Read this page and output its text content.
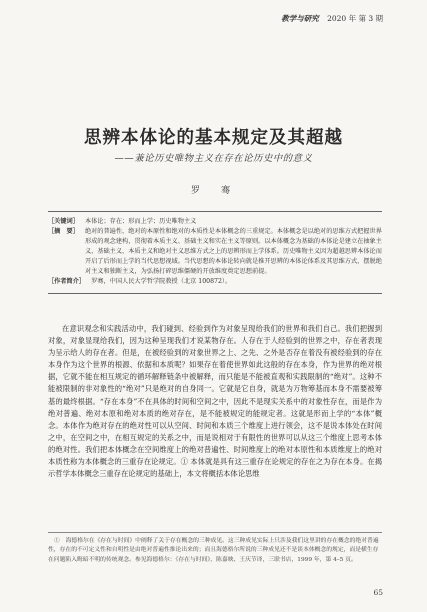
教学与研究 2020 年 第 3 期
思辨本体论的基本规定及其超越
——兼论历史唯物主义在存在论历史中的意义
罗　骞
［关键词］ 本体论；存在；形而上学；历史唯物主义
［摘　要］ 绝对的普遍性、绝对的本原性和绝对的本质性是本体概念的三重规定。本体概念是以绝对的思维方式把握世界形成的观念建构，贯彻着本质主义、基础主义和实在主义等原则。以本体概念为基础的本体论是建立在抽象主义、基础主义、本质主义和绝对主义思维方式之上的思辨形而上学体系。历史唯物主义因为超越思辨本体论而开启了后形而上学的当代思想视域。当代思想的本体论转向就是推开思辨的本体论体系及其思维方式，摆脱绝对主义和独断主义，为弘扬打碎思维僵硬的开放维度奠定思想前提。
［作者简介］ 罗骞，中国人民大学哲学院教授（北京 100872）。

在意识观念和实践活动中，我们碰到、经验到作为对象呈现给我们的世界和我们自己。我们把握到对象，对象显现给我们，因为这种呈现我们才说某物存在。人存在于人经验到的世界之中，存在者表现为呈示给人的存在者。但是，在被经验到的对象世界之上、之先、之外是否存在着没有被经验到的存在本身作为这个世界的根源、依据和本质呢？如果存在着使世界如此这般的存在本身，作为世界的绝对根据，它就不能在相互规定的循环解释链条中被解释，而只能是不能被直观和实践限制的“绝对”。这种不能被限制的非对象性的“绝对”只是绝对的自身同一。它就是它自身，就是为万物筹基而本身不需要被筹基的最终根据。“存在本身”不在具体的时间和空间之中，因此不是现实关系中的对象性存在，而是作为绝对普遍、绝对本原和绝对本质的绝对存在，是不能被规定的能规定者。这就是形而上学的“本体”概念。本体作为绝对存在的绝对性可以从空间、时间和本质三个维度上进行领会，这不是说本体处在时间之中，在空间之中，在相互规定的关系之中，而是说相对于有限性的世界可以从这三个维度上思考本体的绝对性。我们把本体概念在空间维度上的绝对普遍性、时间维度上的绝对本原性和本质维度上的绝对本质性称为本体概念的三重存在论规定。① 本体就是具有这三重存在论规定的存在之为存在本身。在揭示哲学本体概念三重存在论规定的基础上，本文将概括本体论思维

①　海德格尔在《存在与时间》中阐释了关于存在概念的三种成见。这三种成见实际上只涉及我们这里讲的存在概念的绝对普遍性，存在的不可定义性和自明性是由绝对普遍性推论出来的；而且海德格尔所说的三种成见还不是谈本体概念的规定，而是横生存在问题陷入晦暗不明的传统观念。参见海德格尔：《存在与时间》，陈嘉映、王庆节译，三联书店，1999 年，第 4–5 页。
65
